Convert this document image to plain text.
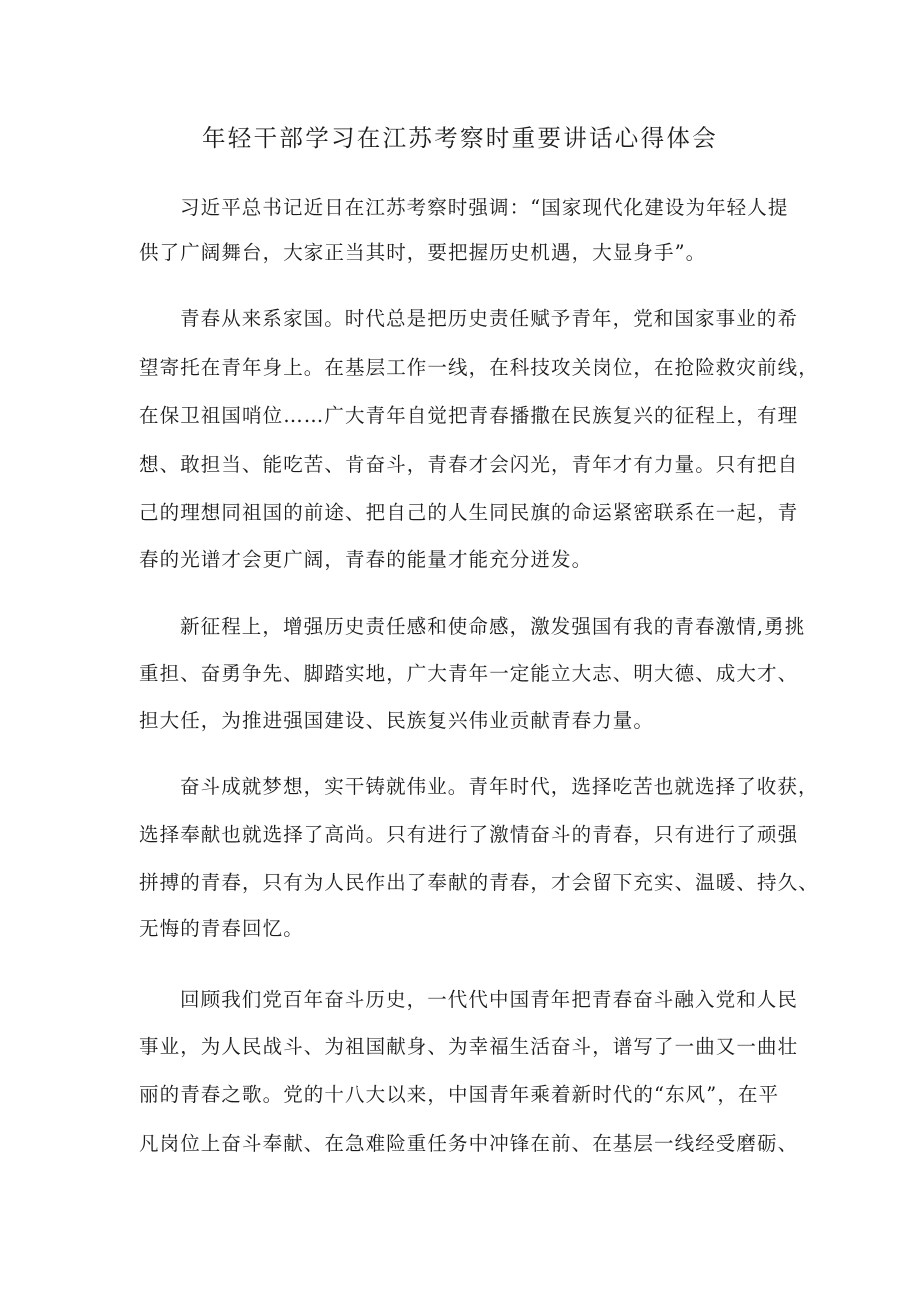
年轻干部学习在江苏考察时重要讲话心得体会
习近平总书记近日在江苏考察时强调：“国家现代化建设为年轻人提
供了广阔舞台，大家正当其时，要把握历史机遇，大显身手”。
青春从来系家国。时代总是把历史责任赋予青年，党和国家事业的希
望寄托在青年身上。在基层工作一线，在科技攻关岗位，在抢险救灾前线，
在保卫祖国哨位……广大青年自觉把青春播撒在民族复兴的征程上，有理
想、敢担当、能吃苦、肯奋斗，青春才会闪光，青年才有力量。只有把自
己的理想同祖国的前途、把自己的人生同民旗的命运紧密联系在一起，青
春的光谱才会更广阔，青春的能量才能充分迸发。
新征程上，增强历史责任感和使命感，激发强国有我的青春激情,勇挑
重担、奋勇争先、脚踏实地，广大青年一定能立大志、明大德、成大才、
担大任，为推进强国建设、民族复兴伟业贡献青春力量。
奋斗成就梦想，实干铸就伟业。青年时代，选择吃苦也就选择了收获，
选择奉献也就选择了高尚。只有进行了激情奋斗的青春，只有进行了顽强
拼搏的青春，只有为人民作出了奉献的青春，才会留下充实、温暖、持久、
无悔的青春回忆。
回顾我们党百年奋斗历史，一代代中国青年把青春奋斗融入党和人民
事业，为人民战斗、为祖国献身、为幸福生活奋斗，谱写了一曲又一曲壮
丽的青春之歌。党的十八大以来，中国青年乘着新时代的“东风”，在平
凡岗位上奋斗奉献、在急难险重任务中冲锋在前、在基层一线经受磨砺、
